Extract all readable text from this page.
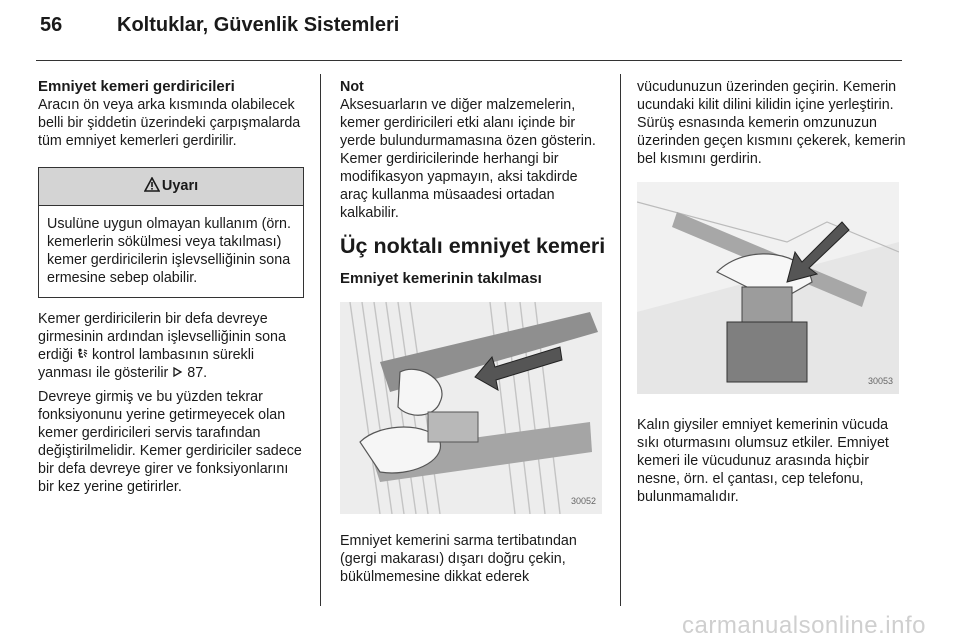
56	Koltuklar, Güvenlik Sistemleri
Emniyet kemeri gerdiricileri

Aracın ön veya arka kısmında olabilecek belli bir şiddetin üzerindeki çarpışmalarda tüm emniyet kemerleri gerdirilir.

Uyarı
Usulüne uygun olmayan kullanım (örn. kemerlerin sökülmesi veya takılması) kemer gerdiricilerin işlevselliğinin sona ermesine sebep olabilir.

Kemer gerdiricilerin bir defa devreye girmesinin ardından işlevselliğinin sona erdiği kontrol lambasının sürekli yanması ile gösterilir 87.

Devreye girmiş ve bu yüzden tekrar fonksiyonunu yerine getirmeyecek olan kemer gerdiricileri servis tarafından değiştirilmelidir. Kemer gerdiriciler sadece bir defa devreye girer ve fonksiyonlarını bir kez yerine getirirler.

Not

Aksesuarların ve diğer malzemelerin, kemer gerdiricileri etki alanı içinde bir yerde bulundurmamasına özen gösterin. Kemer gerdiricilerinde herhangi bir modifikasyon yapmayın, aksi takdirde araç kullanma müsaadesi ortadan kalkabilir.

Üç noktalı emniyet kemeri
Emniyet kemerinin takılması
30052

Emniyet kemerini sarma tertibatından (gergi makarası) dışarı doğru çekin, bükülmemesine dikkat ederek

vücudunuzun üzerinden geçirin. Kemerin ucundaki kilit dilini kilidin içine yerleştirin. Sürüş esnasında kemerin omzunuzun üzerinden geçen kısmını çekerek, kemerin bel kısmını gerdirin.

30053

Kalın giysiler emniyet kemerinin vücuda sıkı oturmasını olumsuz etkiler. Emniyet kemeri ile vücudunuz arasında hiçbir nesne, örn. el çantası, cep telefonu, bulunmamalıdır.

carmanualsonline.info
